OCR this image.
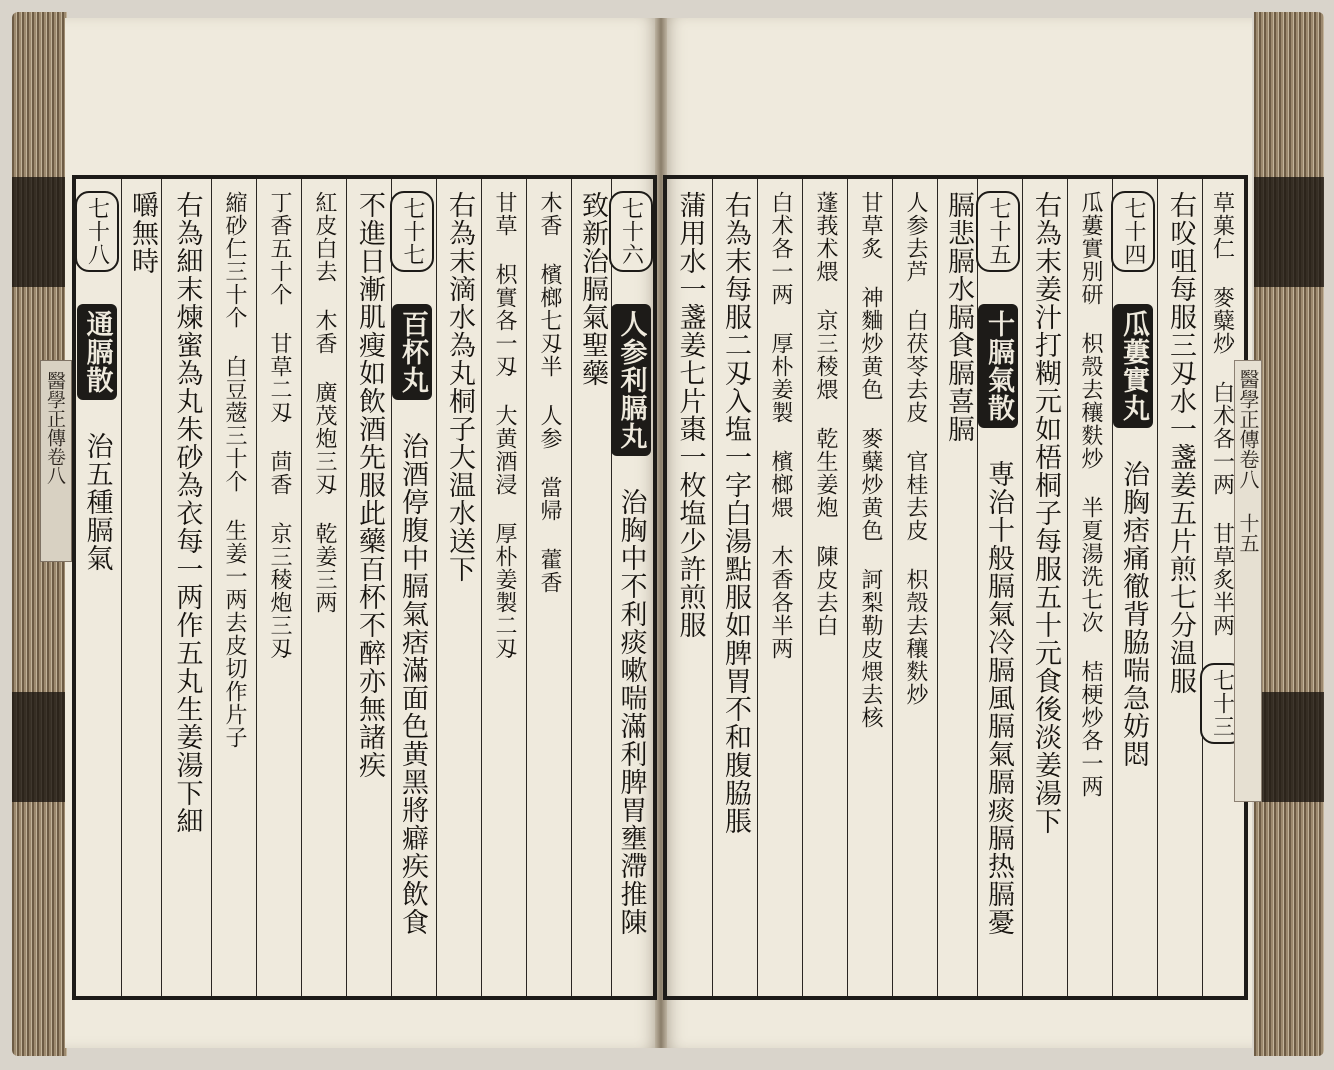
醫學正傳卷八
七十八 通膈散 治五種膈氣
嚼無時 右為細末煉蜜為丸朱砂為衣每一两作五丸生姜湯下細 縮砂仁三十个 白豆蔲三十个 生姜一两去皮切作片子 丁香五十个 甘草二刄 茴香 京三稜炮三刄 紅皮白去 木香 廣茂炮三刄 乾姜三两 不進日漸肌瘦如飲酒先服此藥百杯不醉亦無諸疾 七十七 百杯丸 治酒停腹中膈氣痞滿面色黄黑將癖疾飲食
右為末滴水為丸桐子大温水送下 甘草 枳實各一刄 大黄酒浸 厚朴姜製二刄 木香 檳榔七刄半 人参 當帰 藿香 致新治膈氣聖藥 七十六 人参利膈丸 治胸中不利痰嗽喘滿利脾胃壅滯推陳
蒲用水一盞姜七片棗一枚塩少許煎服 右為末每服二刄入塩一字白湯點服如脾胃不和腹脇脹 白术各一两 厚朴姜製 檳榔煨 木香各半两 蓬莪术煨 京三稜煨 乾生姜炮 陳皮去白 甘草炙 神麯炒黄色 麥糵炒黄色 訶梨勒皮煨去核 人参去芦 白茯苓去皮 官桂去皮 枳殼去穰麩炒 膈悲膈水膈食膈喜膈 七十五 十膈氣散 専治十般膈氣冷膈風膈氣膈痰膈热膈憂 右為末姜汁打糊元如梧桐子每服五十元食後淡姜湯下 瓜蔞實別研 枳殼去穰麩炒 半夏湯洗七次 桔梗炒各一两 七十四 瓜蔞實丸 治胸痞痛徹背脇喘急妨悶 右㕮咀每服三刄水一盞姜五片煎七分温服 草菓仁 麥糵炒 白术各一两 甘草炙半两 七十三
醫學正傳卷八 十五
